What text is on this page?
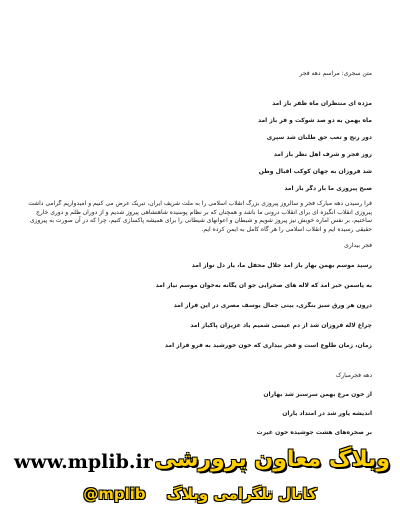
متن سجری: مراسم دهه فجر
مژده ای منتظران ماه ظفر باز آمد
ماه بهمن به دو صد شوکت و فر باز آمد
دور رنج و تعب حق طلبان شد سپری
روز فجر و شرف اهل نظر باز آمد
شد فروزان به جهان کوکب اقبال وطن
صبح پیروزی ما بار دگر باز آمد
فرا رسیدن دهه مبارک فجر و سالروز پیروزی بزرگ انقلاب اسلامی را به ملت شریف ایران، تبریک عرض می کنیم و امیدواریم گرامی داشت پیروزی انقلاب انگیزه ای برای انقلاب درونی ما باشد و همچنان که بر نظام پوسیده شاهنشاهی پیروز شدیم و از دوران ظلم و دوری خارج ساختیم، بر نفس اماره خویش نیز پیروز شویم و شیطان و اعوانهای شیطانی را برای همیشه پاکسازی کنیم، چرا که در آن صورت به پیروزی حقیقی رسیده ایم و انقلاب اسلامی را هر گاه کامل به ایمن کرده ایم.
فجر بیداری
رسید موسم بهمن بهار باز آمد جلال محفل ما، یار دل نواز آمد
به یاسمن خبر آمد که لاله های صحرایی جو آن یگانه به‌خوان موسم نیاز آمد
درون هر ورق سبز بنگری، بینی جمال یوسف مصری در این فراز آمد
چراغ لاله فروزان شد از دم عیسی شمیم یاد عزیزان پاکباز آمد
زمان، زمان طلوع است و فجر بیداری که خون خورشید به فرو فراز آمد
دهه فجرمبارک
از خون مرغ بهمن سرسبز شد بهاران
اندیشه یاور شد در امتداد یاران
بر صخره‌های هشت جوشیده خون غیرت
www.mplib.ir وبلاگ معاون پرورشی
کانال تلگرامی وبلاگ    @mplib
